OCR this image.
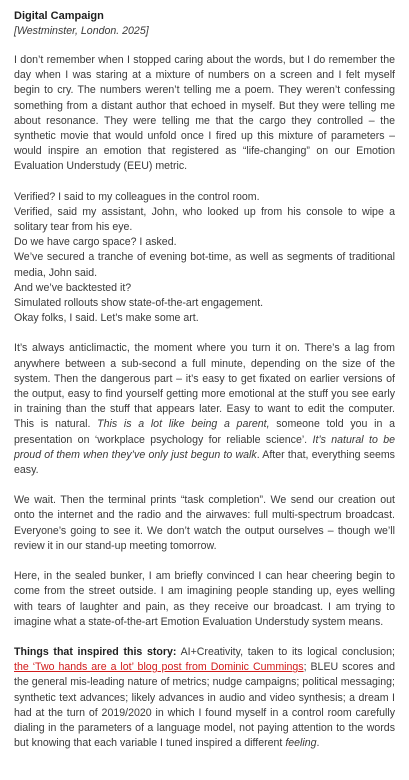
Digital Campaign
[Westminster, London. 2025]

I don’t remember when I stopped caring about the words, but I do remember the day when I was staring at a mixture of numbers on a screen and I felt myself begin to cry. The numbers weren’t telling me a poem. They weren’t confessing something from a distant author that echoed in myself. But they were telling me about resonance. They were telling me that the cargo they controlled – the synthetic movie that would unfold once I fired up this mixture of parameters – would inspire an emotion that registered as “life-changing” on our Emotion Evaluation Understudy (EEU) metric.

Verified? I said to my colleagues in the control room.

Verified, said my assistant, John, who looked up from his console to wipe a solitary tear from his eye.

Do we have cargo space? I asked.

We’ve secured a tranche of evening bot-time, as well as segments of traditional media, John said.

And we’ve backtested it?

Simulated rollouts show state-of-the-art engagement.

Okay folks, I said. Let’s make some art.

It’s always anticlimactic, the moment where you turn it on. There’s a lag from anywhere between a sub-second a full minute, depending on the size of the system. Then the dangerous part – it’s easy to get fixated on earlier versions of the output, easy to find yourself getting more emotional at the stuff you see early in training than the stuff that appears later. Easy to want to edit the computer. This is natural. This is a lot like being a parent, someone told you in a presentation on ‘workplace psychology for reliable science’. It’s natural to be proud of them when they’ve only just begun to walk. After that, everything seems easy.

We wait. Then the terminal prints “task completion”. We send our creation out onto the internet and the radio and the airwaves: full multi-spectrum broadcast. Everyone’s going to see it. We don’t watch the output ourselves – though we’ll review it in our stand-up meeting tomorrow.

Here, in the sealed bunker, I am briefly convinced I can hear cheering begin to come from the street outside. I am imagining people standing up, eyes welling with tears of laughter and pain, as they receive our broadcast. I am trying to imagine what a state-of-the-art Emotion Evaluation Understudy system means.

Things that inspired this story: AI+Creativity, taken to its logical conclusion; the ‘Two hands are a lot’ blog post from Dominic Cummings; BLEU scores and the general mis-leading nature of metrics; nudge campaigns; political messaging; synthetic text advances; likely advances in audio and video synthesis; a dream I had at the turn of 2019/2020 in which I found myself in a control room carefully dialing in the parameters of a language model, not paying attention to the words but knowing that each variable I tuned inspired a different feeling.
